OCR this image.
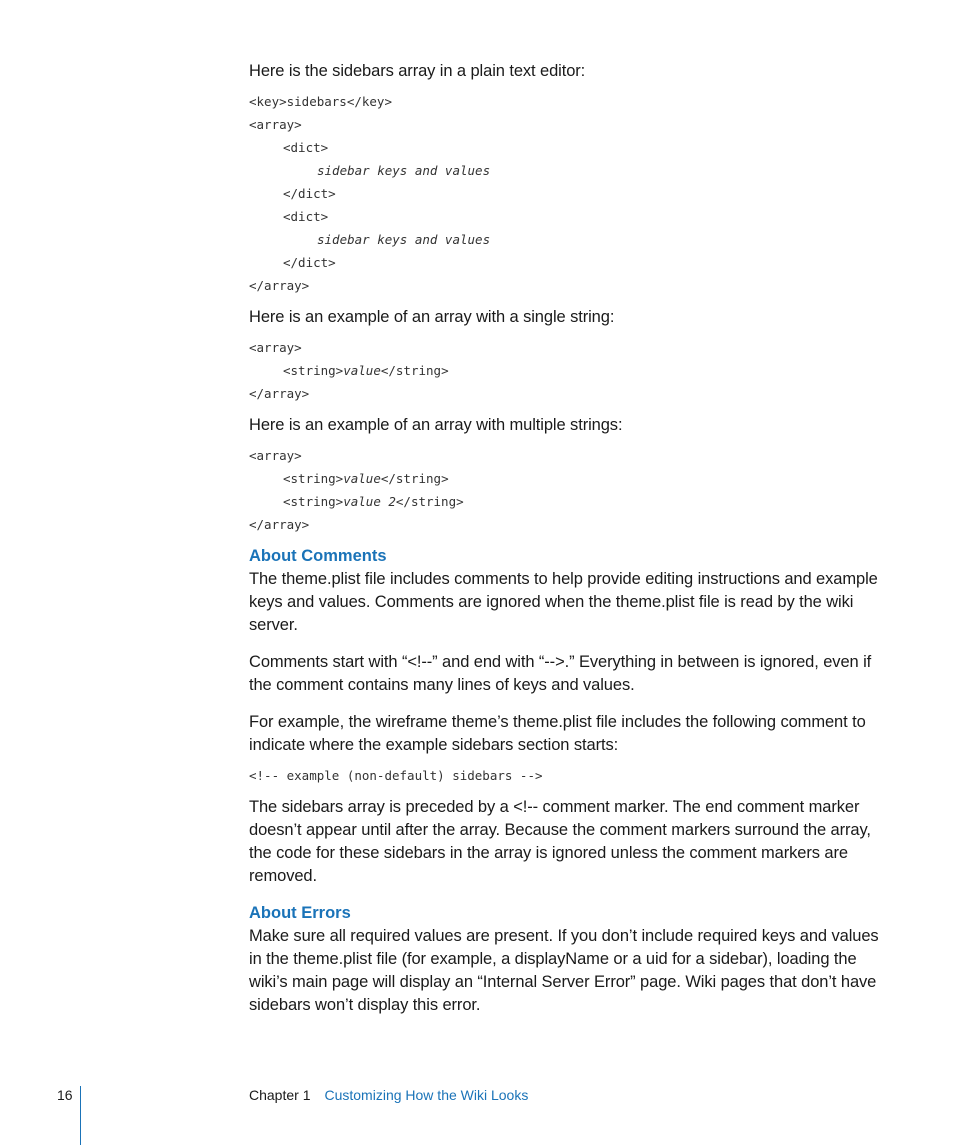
Here is the sidebars array in a plain text editor:

<key>sidebars</key>
<array>
<dict>
sidebar keys and values
</dict>
<dict>
sidebar keys and values
</dict>
</array>

Here is an example of an array with a single string:

<array>
<string>value</string>
</array>

Here is an example of an array with multiple strings:

<array>
<string>value</string>
<string>value 2</string>
</array>
About Comments

The theme.plist file includes comments to help provide editing instructions and example keys and values. Comments are ignored when the theme.plist file is read by the wiki server.

Comments start with “<!--” and end with “-->.” Everything in between is ignored, even if the comment contains many lines of keys and values.

For example, the wireframe theme’s theme.plist file includes the following comment to indicate where the example sidebars section starts:

<!-- example (non-default) sidebars -->

The sidebars array is preceded by a <!-- comment marker. The end comment marker doesn’t appear until after the array. Because the comment markers surround the array, the code for these sidebars in the array is ignored unless the comment markers are removed.

About Errors

Make sure all required values are present. If you don’t include required keys and values in the theme.plist file (for example, a displayName or a uid for a sidebar), loading the wiki’s main page will display an “Internal Server Error” page. Wiki pages that don’t have sidebars won’t display this error.

16	Chapter 1 Customizing How the Wiki Looks
